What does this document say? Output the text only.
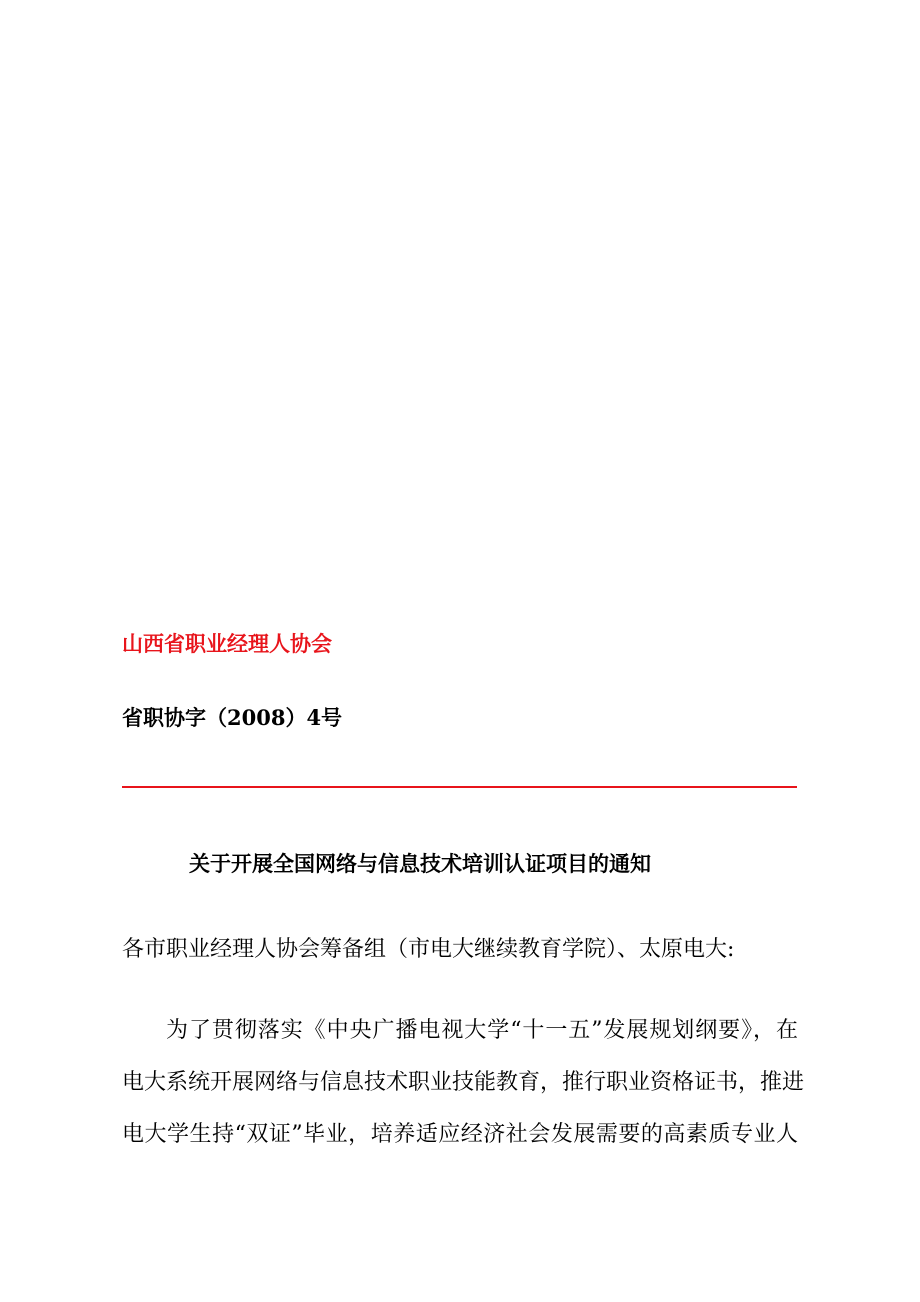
山西省职业经理人协会
省职协字（2008）4号
关于开展全国网络与信息技术培训认证项目的通知
各市职业经理人协会筹备组（市电大继续教育学院）、太原电大:
为了贯彻落实《中央广播电视大学“十一五”发展规划纲要》，在
电大系统开展网络与信息技术职业技能教育，推行职业资格证书，推进
电大学生持“双证”毕业，培养适应经济社会发展需要的高素质专业人
